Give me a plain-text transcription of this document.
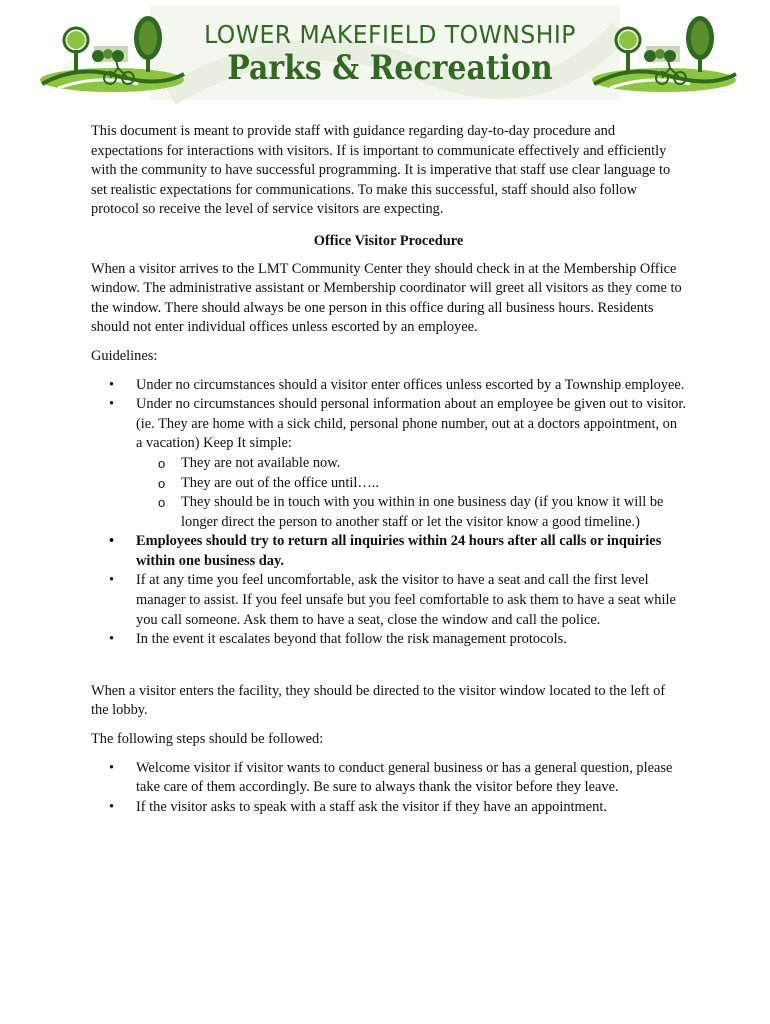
LOWER MAKEFIELD TOWNSHIP
Parks & Recreation

This document is meant to provide staff with guidance regarding day-to-day procedure and expectations for interactions with visitors. If is important to communicate effectively and efficiently with the community to have successful programming. It is imperative that staff use clear language to set realistic expectations for communications. To make this successful, staff should also follow protocol so receive the level of service visitors are expecting.

Office Visitor Procedure

When a visitor arrives to the LMT Community Center they should check in at the Membership Office window. The administrative assistant or Membership coordinator will greet all visitors as they come to the window. There should always be one person in this office during all business hours. Residents should not enter individual offices unless escorted by an employee.

Guidelines:

• Under no circumstances should a visitor enter offices unless escorted by a Township employee.
• Under no circumstances should personal information about an employee be given out to visitor. (ie. They are home with a sick child, personal phone number, out at a doctors appointment, on a vacation) Keep It simple:
o They are not available now.
o They are out of the office until…..
o They should be in touch with you within in one business day (if you know it will be longer direct the person to another staff or let the visitor know a good timeline.)
• Employees should try to return all inquiries within 24 hours after all calls or inquiries within one business day.
• If at any time you feel uncomfortable, ask the visitor to have a seat and call the first level manager to assist. If you feel unsafe but you feel comfortable to ask them to have a seat while you call someone. Ask them to have a seat, close the window and call the police.
• In the event it escalates beyond that follow the risk management protocols.

When a visitor enters the facility, they should be directed to the visitor window located to the left of the lobby.

The following steps should be followed:

• Welcome visitor if visitor wants to conduct general business or has a general question, please take care of them accordingly. Be sure to always thank the visitor before they leave.
• If the visitor asks to speak with a staff ask the visitor if they have an appointment.
